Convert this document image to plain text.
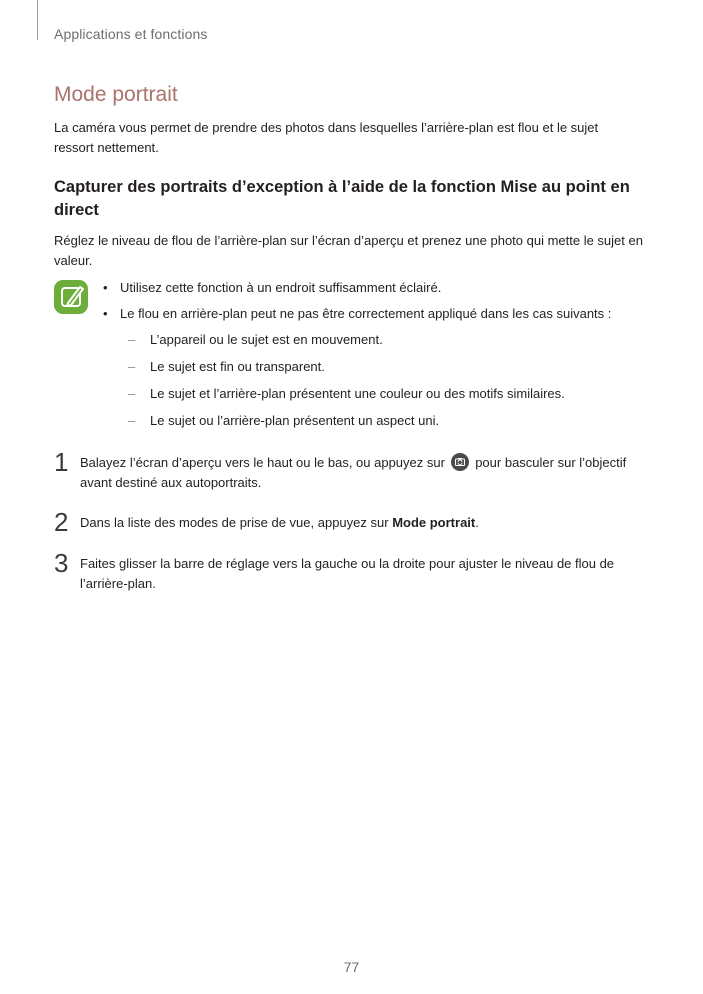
Applications et fonctions
Mode portrait

La caméra vous permet de prendre des photos dans lesquelles l’arrière-plan est flou et le sujet ressort nettement.

Capturer des portraits d’exception à l’aide de la fonction Mise au point en direct

Réglez le niveau de flou de l’arrière-plan sur l’écran d’aperçu et prenez une photo qui mette le sujet en valeur.

• Utilisez cette fonction à un endroit suffisamment éclairé.
• Le flou en arrière-plan peut ne pas être correctement appliqué dans les cas suivants :
– L’appareil ou le sujet est en mouvement.
– Le sujet est fin ou transparent.
– Le sujet et l’arrière-plan présentent une couleur ou des motifs similaires.
– Le sujet ou l’arrière-plan présentent un aspect uni.
1 Balayez l’écran d’aperçu vers le haut ou le bas, ou appuyez sur pour basculer sur l’objectif avant destiné aux autoportraits.
2 Dans la liste des modes de prise de vue, appuyez sur Mode portrait.
3 Faites glisser la barre de réglage vers la gauche ou la droite pour ajuster le niveau de flou de l’arrière-plan.
77
